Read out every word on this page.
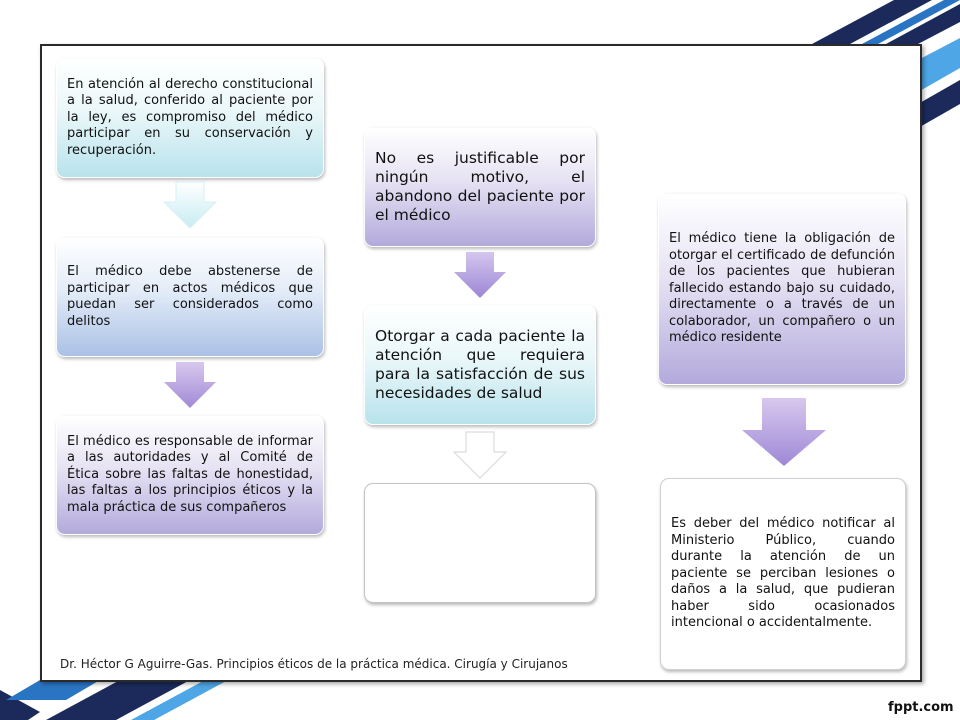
En atención al derecho constitucional a la salud, conferido al paciente por la ley, es compromiso del médico participar en su conservación y recuperación.
El médico debe abstenerse de participar en actos médicos que puedan ser considerados como delitos
El médico es responsable de informar a las autoridades y al Comité de Ética sobre las faltas de honestidad, las faltas a los principios éticos y la mala práctica de sus compañeros
No es justificable por ningún motivo, el abandono del paciente por el médico
Otorgar a cada paciente la atención que requiera para la satisfacción de sus necesidades de salud
El médico tiene la obligación de otorgar el certificado de defunción de los pacientes que hubieran fallecido estando bajo su cuidado, directamente o a través de un colaborador, un compañero o un médico residente
Es deber del médico notificar al Ministerio Público, cuando durante la atención de un paciente se perciban lesiones o daños a la salud, que pudieran haber sido ocasionados intencional o accidentalmente.
Dr. Héctor G Aguirre-Gas. Principios éticos de la práctica médica. Cirugía y Cirujanos
fppt.com
